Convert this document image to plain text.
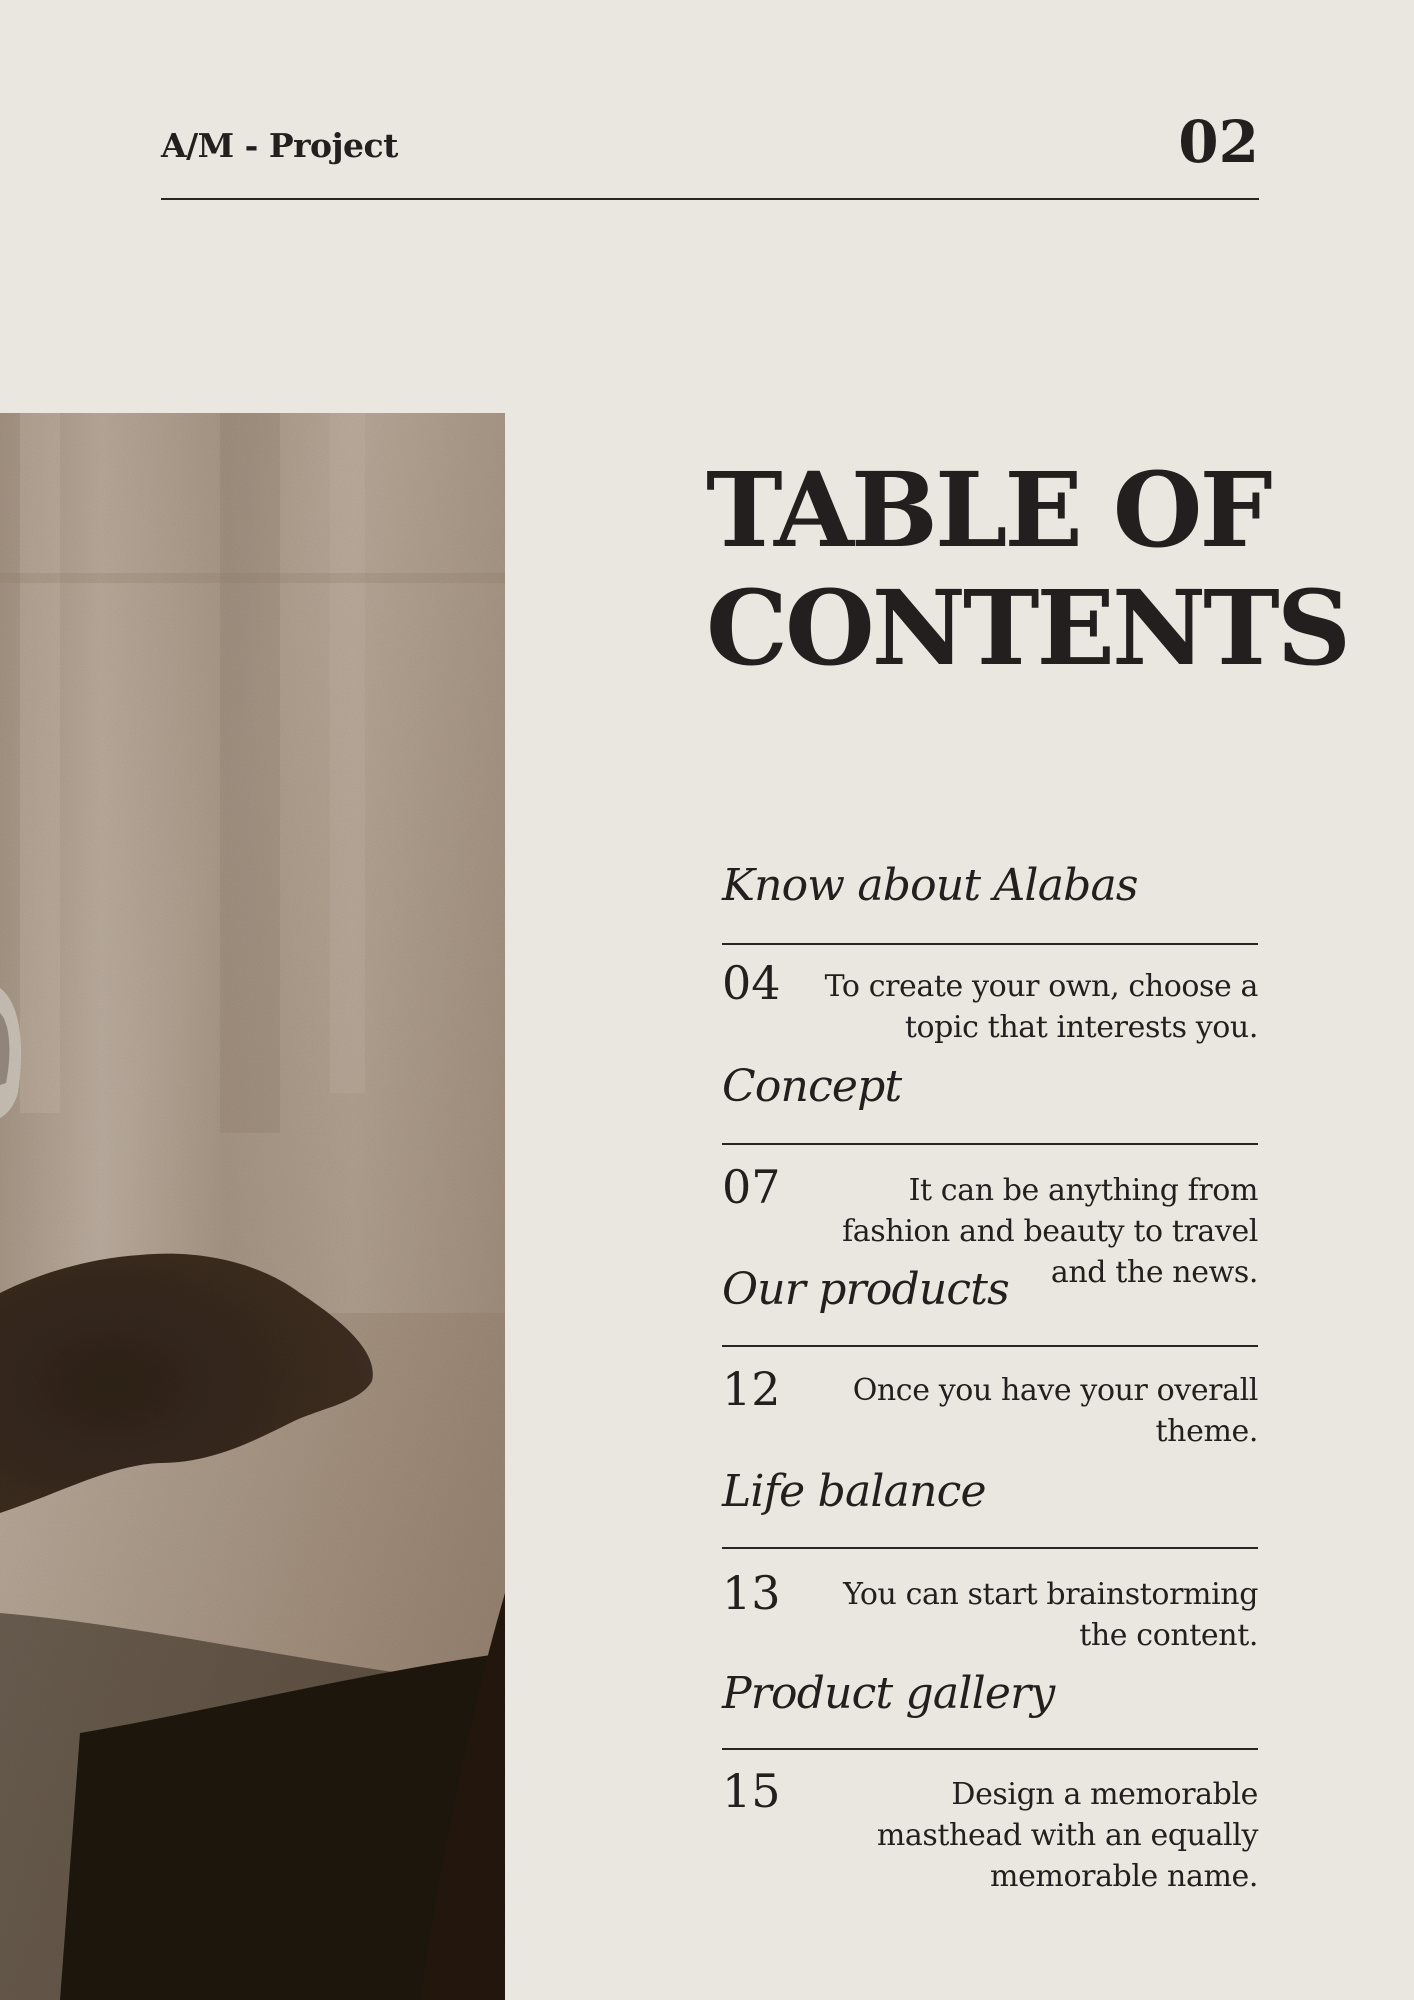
A/M - Project	02
TABLE OF
CONTENTS
Know about Alabas
04 To create your own, choose a topic that interests you.
Concept
07	It can be anything from fashion and beauty to travel and the news.
Our products
12	Once you have your overall theme.
Life balance
13	You can start brainstorming the content.
Product gallery
15	Design a memorable masthead with an equally memorable name.
